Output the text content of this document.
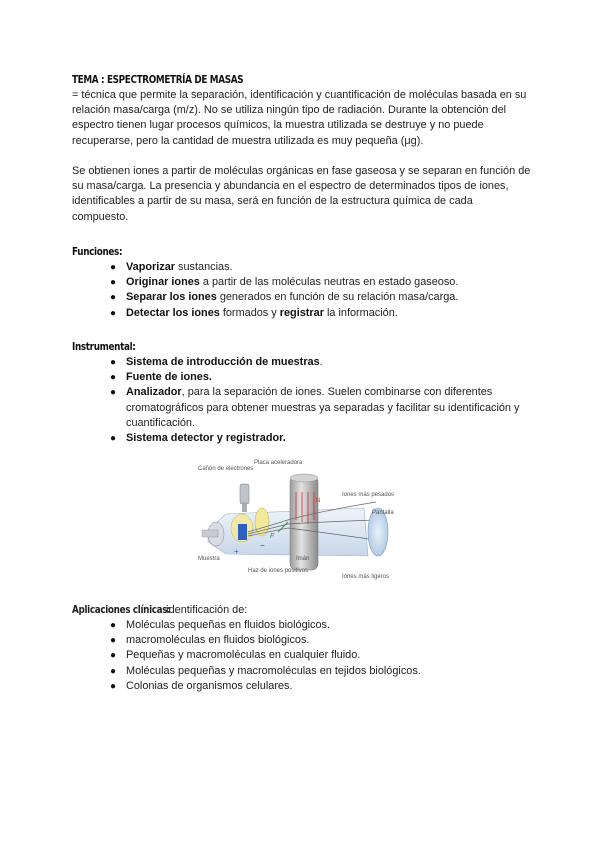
TEMA : ESPECTROMETRÍA DE MASAS
= técnica que permite la separación, identificación y cuantificación de moléculas basada en su relación masa/carga (m/z). No se utiliza ningún tipo de radiación. Durante la obtención del espectro tienen lugar procesos químicos, la muestra utilizada se destruye y no puede recuperarse, pero la cantidad de muestra utilizada es muy pequeña (μg).
Se obtienen iones a partir de moléculas orgánicas en fase gaseosa y se separan en función de su masa/carga. La presencia y abundancia en el espectro de determinados tipos de iones, identificables a partir de su masa, será en función de la estructura química de cada compuesto.
Funciones:
● Vaporizar sustancias.
● Originar iones a partir de las moléculas neutras en estado gaseoso.
● Separar los iones generados en función de su relación masa/carga.
● Detectar los iones formados y registrar la información.
Instrumental:
● Sistema de introducción de muestras.
● Fuente de iones.
● Analizador, para la separación de iones. Suelen combinarse con diferentes cromatográficos para obtener muestras ya separadas y facilitar su identificación y cuantificación.
● Sistema detector y registrador.
Cañón de electrones
Placa aceleradora
Iones más pesados
Pantalla
Muestra
Haz de iones positivos
Imán
Iones más ligeros
+
−
F
N
Aplicaciones clínicas: identificación de:
● Moléculas pequeñas en fluidos biológicos.
● macromoléculas en fluidos biológicos.
● Pequeñas y macromoléculas en cualquier fluido.
● Moléculas pequeñas y macromoléculas en tejidos biológicos.
● Colonias de organismos celulares.
